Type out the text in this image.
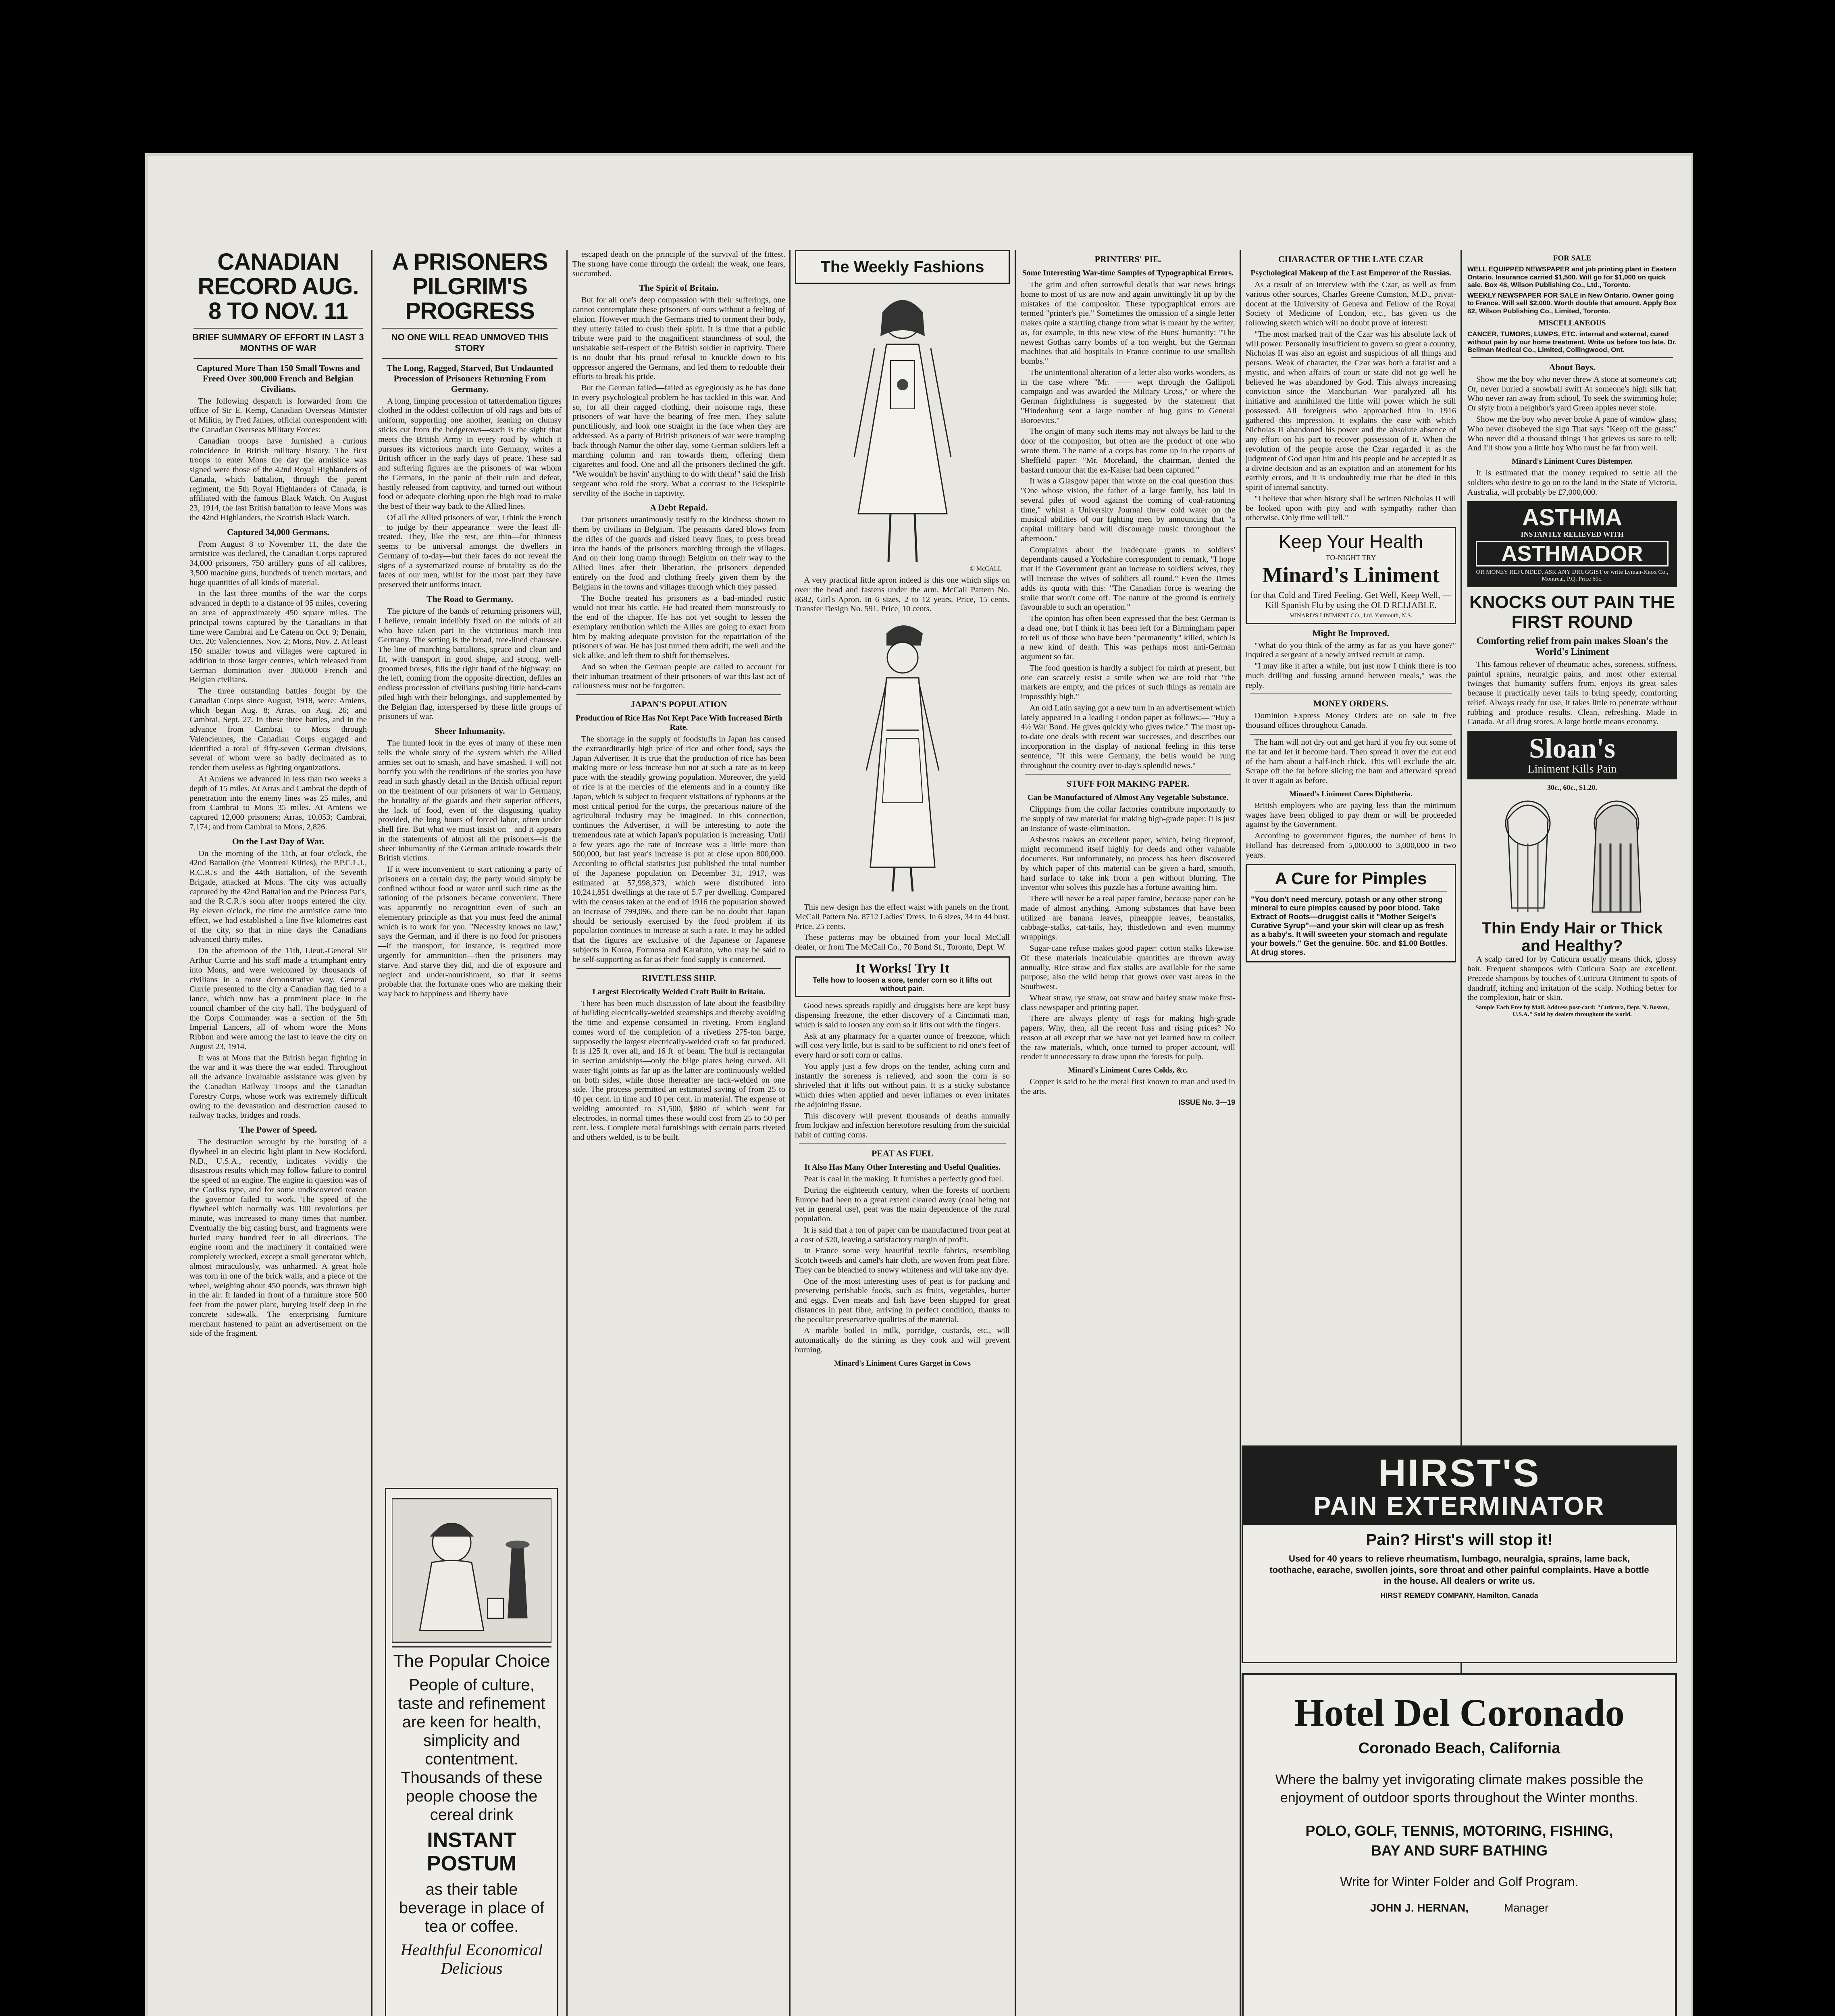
CANADIAN RECORD AUG. 8 TO NOV. 11
BRIEF SUMMARY OF EFFORT IN LAST 3 MONTHS OF WAR
Captured More Than 150 Small Towns and Freed Over 300,000 French and Belgian Civilians.

The following despatch is forwarded from the office of Sir E. Kemp, Canadian Overseas Minister of Militia, by Fred James, official correspondent with the Canadian Overseas Military Forces:

Canadian troops have furnished a curious coincidence in British military history. The first troops to enter Mons the day the armistice was signed were those of the 42nd Royal Highlanders of Canada, which battalion, through the parent regiment, the 5th Royal Highlanders of Canada, is affiliated with the famous Black Watch. On August 23, 1914, the last British battalion to leave Mons was the 42nd Highlanders, the Scottish Black Watch.

Captured 34,000 Germans.

From August 8 to November 11, the date the armistice was declared, the Canadian Corps captured 34,000 prisoners, 750 artillery guns of all calibres, 3,500 machine guns, hundreds of trench mortars, and huge quantities of all kinds of material.

In the last three months of the war the corps advanced in depth to a distance of 95 miles, covering an area of approximately 450 square miles. The principal towns captured by the Canadians in that time were Cambrai and Le Cateau on Oct. 9; Denain, Oct. 20; Valenciennes, Nov. 2; Mons, Nov. 2. At least 150 smaller towns and villages were captured in addition to those larger centres, which released from German domination over 300,000 French and Belgian civilians.

The three outstanding battles fought by the Canadian Corps since August, 1918, were: Amiens, which began Aug. 8; Arras, on Aug. 26; and Cambrai, Sept. 27. In these three battles, and in the advance from Cambrai to Mons through Valenciennes, the Canadian Corps engaged and identified a total of fifty-seven German divisions, several of whom were so badly decimated as to render them useless as fighting organizations.

At Amiens we advanced in less than two weeks a depth of 15 miles. At Arras and Cambrai the depth of penetration into the enemy lines was 25 miles, and from Cambrai to Mons 35 miles. At Amiens we captured 12,000 prisoners; Arras, 10,053; Cambrai, 7,174; and from Cambrai to Mons, 2,826.

On the Last Day of War.

On the morning of the 11th, at four o'clock, the 42nd Battalion (the Montreal Kilties), the P.P.C.L.I., R.C.R.'s and the 44th Battalion, of the Seventh Brigade, attacked at Mons. The city was actually captured by the 42nd Battalion and the Princess Pat's, and the R.C.R.'s soon after troops entered the city. By eleven o'clock, the time the armistice came into effect, we had established a line five kilometres east of the city, so that in nine days the Canadians advanced thirty miles.

On the afternoon of the 11th, Lieut.-General Sir Arthur Currie and his staff made a triumphant entry into Mons, and were welcomed by thousands of civilians in a most demonstrative way. General Currie presented to the city a Canadian flag tied to a lance, which now has a prominent place in the council chamber of the city hall. The bodyguard of the Corps Commander was a section of the 5th Imperial Lancers, all of whom wore the Mons Ribbon and were among the last to leave the city on August 23, 1914.

It was at Mons that the British began fighting in the war and it was there the war ended. Throughout all the advance invaluable assistance was given by the Canadian Railway Troops and the Canadian Forestry Corps, whose work was extremely difficult owing to the devastation and destruction caused to railway tracks, bridges and roads.

The Power of Speed.

The destruction wrought by the bursting of a flywheel in an electric light plant in New Rockford, N.D., U.S.A., recently, indicates vividly the disastrous results which may follow failure to control the speed of an engine. The engine in question was of the Corliss type, and for some undiscovered reason the governor failed to work. The speed of the flywheel which normally was 100 revolutions per minute, was increased to many times that number. Eventually the big casting burst, and fragments were hurled many hundred feet in all directions. The engine room and the machinery it contained were completely wrecked, except a small generator which, almost miraculously, was unharmed. A great hole was torn in one of the brick walls, and a piece of the wheel, weighing about 450 pounds, was thrown high in the air. It landed in front of a furniture store 500 feet from the power plant, burying itself deep in the concrete sidewalk. The enterprising furniture merchant hastened to paint an advertisement on the side of the fragment.

A PRISONERS PILGRIM'S PROGRESS
NO ONE WILL READ UNMOVED THIS STORY
The Long, Ragged, Starved, But Undaunted Procession of Prisoners Returning From Germany.

A long, limping procession of tatterdemalion figures clothed in the oddest collection of old rags and bits of uniform, supporting one another, leaning on clumsy sticks cut from the hedgerows—such is the sight that meets the British Army in every road by which it pursues its victorious march into Germany, writes a British officer in the early days of peace. These sad and suffering figures are the prisoners of war whom the Germans, in the panic of their ruin and defeat, hastily released from captivity, and turned out without food or adequate clothing upon the high road to make the best of their way back to the Allied lines.

Of all the Allied prisoners of war, I think the French—to judge by their appearance—were the least ill-treated. They, like the rest, are thin—for thinness seems to be universal amongst the dwellers in Germany of to-day—but their faces do not reveal the signs of a systematized course of brutality as do the faces of our men, whilst for the most part they have preserved their uniforms intact.

The Road to Germany.

The picture of the bands of returning prisoners will, I believe, remain indelibly fixed on the minds of all who have taken part in the victorious march into Germany. The setting is the broad, tree-lined chaussee. The line of marching battalions, spruce and clean and fit, with transport in good shape, and strong, well-groomed horses, fills the right hand of the highway; on the left, coming from the opposite direction, defiles an endless procession of civilians pushing little hand-carts piled high with their belongings, and supplemented by the Belgian flag, interspersed by these little groups of prisoners of war.

Sheer Inhumanity.

The hunted look in the eyes of many of these men tells the whole story of the system which the Allied armies set out to smash, and have smashed. I will not horrify you with the renditions of the stories you have read in such ghastly detail in the British official report on the treatment of our prisoners of war in Germany, the brutality of the guards and their superior officers, the lack of food, even of the disgusting quality provided, the long hours of forced labor, often under shell fire. But what we must insist on—and it appears in the statements of almost all the prisoners—is the sheer inhumanity of the German attitude towards their British victims.

If it were inconvenient to start rationing a party of prisoners on a certain day, the party would simply be confined without food or water until such time as the rationing of the prisoners became convenient. There was apparently no recognition even of such an elementary principle as that you must feed the animal which is to work for you. "Necessity knows no law," says the German, and if there is no food for prisoners—if the transport, for instance, is required more urgently for ammunition—then the prisoners may starve. And starve they did, and die of exposure and neglect and under-nourishment, so that it seems probable that the fortunate ones who are making their way back to happiness and liberty have

The Popular Choice
People of culture, taste and refinement are keen for health, simplicity and contentment. Thousands of these people choose the cereal drink
INSTANT POSTUM
as their table beverage in place of tea or coffee.
Healthful Economical Delicious

escaped death on the principle of the survival of the fittest. The strong have come through the ordeal; the weak, one fears, succumbed.

The Spirit of Britain.

But for all one's deep compassion with their sufferings, one cannot contemplate these prisoners of ours without a feeling of elation. However much the Germans tried to torment their body, they utterly failed to crush their spirit. It is time that a public tribute were paid to the magnificent staunchness of soul, the unshakable self-respect of the British soldier in captivity. There is no doubt that his proud refusal to knuckle down to his oppressor angered the Germans, and led them to redouble their efforts to break his pride.

But the German failed—failed as egregiously as he has done in every psychological problem he has tackled in this war. And so, for all their ragged clothing, their noisome rags, these prisoners of war have the bearing of free men. They salute punctiliously, and look one straight in the face when they are addressed. As a party of British prisoners of war were tramping back through Namur the other day, some German soldiers left a marching column and ran towards them, offering them cigarettes and food. One and all the prisoners declined the gift. "We wouldn't be havin' anything to do with them!" said the Irish sergeant who told the story. What a contrast to the lickspittle servility of the Boche in captivity.

A Debt Repaid.

Our prisoners unanimously testify to the kindness shown to them by civilians in Belgium. The peasants dared blows from the rifles of the guards and risked heavy fines, to press bread into the hands of the prisoners marching through the villages. And on their long tramp through Belgium on their way to the Allied lines after their liberation, the prisoners depended entirely on the food and clothing freely given them by the Belgians in the towns and villages through which they passed.

The Boche treated his prisoners as a bad-minded rustic would not treat his cattle. He had treated them monstrously to the end of the chapter. He has not yet sought to lessen the exemplary retribution which the Allies are going to exact from him by making adequate provision for the repatriation of the prisoners of war. He has just turned them adrift, the well and the sick alike, and left them to shift for themselves.

And so when the German people are called to account for their inhuman treatment of their prisoners of war this last act of callousness must not be forgotten.

JAPAN'S POPULATION
Production of Rice Has Not Kept Pace With Increased Birth Rate.

The shortage in the supply of foodstuffs in Japan has caused the extraordinarily high price of rice and other food, says the Japan Advertiser. It is true that the production of rice has been making more or less increase but not at such a rate as to keep pace with the steadily growing population. Moreover, the yield of rice is at the mercies of the elements and in a country like Japan, which is subject to frequent visitations of typhoons at the most critical period for the corps, the precarious nature of the agricultural industry may be imagined. In this connection, continues the Advertiser, it will be interesting to note the tremendous rate at which Japan's population is increasing. Until a few years ago the rate of increase was a little more than 500,000, but last year's increase is put at close upon 800,000. According to official statistics just published the total number of the Japanese population on December 31, 1917, was estimated at 57,998,373, which were distributed into 10,241,851 dwellings at the rate of 5.7 per dwelling. Compared with the census taken at the end of 1916 the population showed an increase of 799,096, and there can be no doubt that Japan should be seriously exercised by the food problem if its population continues to increase at such a rate. It may be added that the figures are exclusive of the Japanese or Japanese subjects in Korea, Formosa and Karafuto, who may be said to be self-supporting as far as their food supply is concerned.

RIVETLESS SHIP.
Largest Electrically Welded Craft Built in Britain.

There has been much discussion of late about the feasibility of building electrically-welded steamships and thereby avoiding the time and expense consumed in riveting. From England comes word of the completion of a rivetless 275-ton barge, supposedly the largest electrically-welded craft so far produced. It is 125 ft. over all, and 16 ft. of beam. The hull is rectangular in section amidships—only the bilge plates being curved. All water-tight joints as far up as the latter are continuously welded on both sides, while those thereafter are tack-welded on one side. The process permitted an estimated saving of from 25 to 40 per cent. in time and 10 per cent. in material. The expense of welding amounted to $1,500, $880 of which went for electrodes, in normal times these would cost from 25 to 50 per cent. less. Complete metal furnishings with certain parts riveted and others welded, is to be built.

The Weekly Fashions
© McCALL

A very practical little apron indeed is this one which slips on over the head and fastens under the arm. McCall Pattern No. 8682, Girl's Apron. In 6 sizes, 2 to 12 years. Price, 15 cents. Transfer Design No. 591. Price, 10 cents.

This new design has the effect waist with panels on the front. McCall Pattern No. 8712 Ladies' Dress. In 6 sizes, 34 to 44 bust. Price, 25 cents.

These patterns may be obtained from your local McCall dealer, or from The McCall Co., 70 Bond St., Toronto, Dept. W.

It Works! Try It
Tells how to loosen a sore, tender corn so it lifts out without pain.

Good news spreads rapidly and druggists here are kept busy dispensing freezone, the ether discovery of a Cincinnati man, which is said to loosen any corn so it lifts out with the fingers.

Ask at any pharmacy for a quarter ounce of freezone, which will cost very little, but is said to be sufficient to rid one's feet of every hard or soft corn or callus.

You apply just a few drops on the tender, aching corn and instantly the soreness is relieved, and soon the corn is so shriveled that it lifts out without pain. It is a sticky substance which dries when applied and never inflames or even irritates the adjoining tissue.

This discovery will prevent thousands of deaths annually from lockjaw and infection heretofore resulting from the suicidal habit of cutting corns.

PEAT AS FUEL
It Also Has Many Other Interesting and Useful Qualities.

Peat is coal in the making. It furnishes a perfectly good fuel.

During the eighteenth century, when the forests of northern Europe had been to a great extent cleared away (coal being not yet in general use), peat was the main dependence of the rural population.

It is said that a ton of paper can be manufactured from peat at a cost of $20, leaving a satisfactory margin of profit.

In France some very beautiful textile fabrics, resembling Scotch tweeds and camel's hair cloth, are woven from peat fibre. They can be bleached to snowy whiteness and will take any dye.

One of the most interesting uses of peat is for packing and preserving perishable foods, such as fruits, vegetables, butter and eggs. Even meats and fish have been shipped for great distances in peat fibre, arriving in perfect condition, thanks to the peculiar preservative qualities of the material.

A marble boiled in milk, porridge, custards, etc., will automatically do the stirring as they cook and will prevent burning.

Minard's Liniment Cures Garget in Cows
PRINTERS' PIE.
Some Interesting War-time Samples of Typographical Errors.

The grim and often sorrowful details that war news brings home to most of us are now and again unwittingly lit up by the mistakes of the compositor. These typographical errors are termed "printer's pie." Sometimes the omission of a single letter makes quite a startling change from what is meant by the writer; as, for example, in this new view of the Huns' humanity: "The newest Gothas carry bombs of a ton weight, but the German machines that aid hospitals in France continue to use smallish bombs."

The unintentional alteration of a letter also works wonders, as in the case where "Mr. —— wept through the Gallipoli campaign and was awarded the Military Cross," or where the German frightfulness is suggested by the statement that "Hindenburg sent a large number of bug guns to General Boroevics."

The origin of many such items may not always be laid to the door of the compositor, but often are the product of one who wrote them. The name of a corps has come up in the reports of Sheffield paper: "Mr. Moreland, the chairman, denied the bastard rumour that the ex-Kaiser had been captured."

It was a Glasgow paper that wrote on the coal question thus: "One whose vision, the father of a large family, has laid in several piles of wood against the coming of coal-rationing time," whilst a University Journal threw cold water on the musical abilities of our fighting men by announcing that "a capital military band will discourage music throughout the afternoon."

Complaints about the inadequate grants to soldiers' dependants caused a Yorkshire correspondent to remark, "I hope that if the Government grant an increase to soldiers' wives, they will increase the wives of soldiers all round." Even the Times adds its quota with this: "The Canadian force is wearing the smile that won't come off. The nature of the ground is entirely favourable to such an operation."

The opinion has often been expressed that the best German is a dead one, but I think it has been left for a Birmingham paper to tell us of those who have been "permanently" killed, which is a new kind of death. This was perhaps most anti-German argument so far.

The food question is hardly a subject for mirth at present, but one can scarcely resist a smile when we are told that "the markets are empty, and the prices of such things as remain are impossibly high."

An old Latin saying got a new turn in an advertisement which lately appeared in a leading London paper as follows:— "Buy a 4½ War Bond. He gives quickly who gives twice." The most up-to-date one deals with recent war successes, and describes our incorporation in the display of national feeling in this terse sentence, "If this were Germany, the bells would be rung throughout the country over to-day's splendid news."

STUFF FOR MAKING PAPER.
Can be Manufactured of Almost Any Vegetable Substance.

Clippings from the collar factories contribute importantly to the supply of raw material for making high-grade paper. It is just an instance of waste-elimination.

Asbestos makes an excellent paper, which, being fireproof, might recommend itself highly for deeds and other valuable documents. But unfortunately, no process has been discovered by which paper of this material can be given a hard, smooth, hard surface to take ink from a pen without blurring. The inventor who solves this puzzle has a fortune awaiting him.

There will never be a real paper famine, because paper can be made of almost anything. Among substances that have been utilized are banana leaves, pineapple leaves, beanstalks, cabbage-stalks, cat-tails, hay, thistledown and even mummy wrappings.

Sugar-cane refuse makes good paper: cotton stalks likewise. Of these materials incalculable quantities are thrown away annually. Rice straw and flax stalks are available for the same purpose; also the wild hemp that grows over vast areas in the Southwest.

Wheat straw, rye straw, oat straw and barley straw make first-class newspaper and printing paper.

There are always plenty of rags for making high-grade papers. Why, then, all the recent fuss and rising prices? No reason at all except that we have not yet learned how to collect the raw materials, which, once turned to proper account, will render it unnecessary to draw upon the forests for pulp.

Minard's Liniment Cures Colds, &c.

Copper is said to be the metal first known to man and used in the arts.

ISSUE No. 3—19
CHARACTER OF THE LATE CZAR
Psychological Makeup of the Last Emperor of the Russias.

As a result of an interview with the Czar, as well as from various other sources, Charles Greene Cumston, M.D., privat-docent at the University of Geneva and Fellow of the Royal Society of Medicine of London, etc., has given us the following sketch which will no doubt prove of interest:

"The most marked trait of the Czar was his absolute lack of will power. Personally insufficient to govern so great a country, Nicholas II was also an egoist and suspicious of all things and persons. Weak of character, the Czar was both a fatalist and a mystic, and when affairs of court or state did not go well he believed he was abandoned by God. This always increasing conviction since the Manchurian War paralyzed all his initiative and annihilated the little will power which he still possessed. All foreigners who approached him in 1916 gathered this impression. It explains the ease with which Nicholas II abandoned his power and the absolute absence of any effort on his part to recover possession of it. When the revolution of the people arose the Czar regarded it as the judgment of God upon him and his people and he accepted it as a divine decision and as an expiation and an atonement for his earthly errors, and it is undoubtedly true that he died in this spirit of internal sanctity.

"I believe that when history shall be written Nicholas II will be looked upon with pity and with sympathy rather than otherwise. Only time will tell."

Keep Your Health
TO-NIGHT TRY
Minard's Liniment
for that Cold and Tired Feeling. Get Well, Keep Well, —Kill Spanish Flu by using the OLD RELIABLE.
MINARD'S LINIMENT CO., Ltd. Yarmouth, N.S.
Might Be Improved.

"What do you think of the army as far as you have gone?" inquired a sergeant of a newly arrived recruit at camp.

"I may like it after a while, but just now I think there is too much drilling and fussing around between meals," was the reply.

MONEY ORDERS.

Dominion Express Money Orders are on sale in five thousand offices throughout Canada.

The ham will not dry out and get hard if you fry out some of the fat and let it become hard. Then spread it over the cut end of the ham about a half-inch thick. This will exclude the air. Scrape off the fat before slicing the ham and afterward spread it over it again as before.

Minard's Liniment Cures Diphtheria.

British employers who are paying less than the minimum wages have been obliged to pay them or will be proceeded against by the Government.

According to government figures, the number of hens in Holland has decreased from 5,000,000 to 3,000,000 in two years.

A Cure for Pimples
"You don't need mercury, potash or any other strong mineral to cure pimples caused by poor blood. Take Extract of Roots—druggist calls it "Mother Seigel's Curative Syrup"—and your skin will clear up as fresh as a baby's. It will sweeten your stomach and regulate your bowels." Get the genuine. 50c. and $1.00 Bottles. At drug stores.
FOR SALE
WELL EQUIPPED NEWSPAPER and job printing plant in Eastern Ontario. Insurance carried $1,500. Will go for $1,000 on quick sale. Box 48, Wilson Publishing Co., Ltd., Toronto.
WEEKLY NEWSPAPER FOR SALE in New Ontario. Owner going to France. Will sell $2,000. Worth double that amount. Apply Box 82, Wilson Publishing Co., Limited, Toronto.
MISCELLANEOUS
CANCER, TUMORS, LUMPS, ETC. internal and external, cured without pain by our home treatment. Write us before too late. Dr. Bellman Medical Co., Limited, Collingwood, Ont.
About Boys.

Show me the boy who never threw A stone at someone's cat; Or, never hurled a snowball swift At someone's high silk hat; Who never ran away from school, To seek the swimming hole; Or slyly from a neighbor's yard Green apples never stole.

Show me the boy who never broke A pane of window glass; Who never disobeyed the sign That says "Keep off the grass;" Who never did a thousand things That grieves us sore to tell; And I'll show you a little boy Who must be far from well.

Minard's Liniment Cures Distemper.

It is estimated that the money required to settle all the soldiers who desire to go on to the land in the State of Victoria, Australia, will probably be £7,000,000.

ASTHMA
INSTANTLY RELIEVED WITH
ASTHMADOR
OR MONEY REFUNDED. ASK ANY DRUGGIST or write Lyman-Knox Co., Montreal, P.Q. Price 60c.
KNOCKS OUT PAIN THE FIRST ROUND
Comforting relief from pain makes Sloan's the World's Liniment

This famous reliever of rheumatic aches, soreness, stiffness, painful sprains, neuralgic pains, and most other external twinges that humanity suffers from, enjoys its great sales because it practically never fails to bring speedy, comforting relief. Always ready for use, it takes little to penetrate without rubbing and produce results. Clean, refreshing. Made in Canada. At all drug stores. A large bottle means economy.

Sloan's
Liniment Kills Pain
30c., 60c., $1.20.
Thin Endy Hair or Thick and Healthy?

A scalp cared for by Cuticura usually means thick, glossy hair. Frequent shampoos with Cuticura Soap are excellent. Precede shampoos by touches of Cuticura Ointment to spots of dandruff, itching and irritation of the scalp. Nothing better for the complexion, hair or skin.

Sample Each Free by Mail. Address post-card: "Cuticura, Dept. N. Boston, U.S.A." Sold by dealers throughout the world.
HIRST'S
PAIN EXTERMINATOR
Pain? Hirst's will stop it!
Used for 40 years to relieve rheumatism, lumbago, neuralgia, sprains, lame back, toothache, earache, swollen joints, sore throat and other painful complaints. Have a bottle in the house. All dealers or write us.
HIRST REMEDY COMPANY, Hamilton, Canada
Hotel Del Coronado
Coronado Beach, California
Where the balmy yet invigorating climate makes possible the enjoyment of outdoor sports throughout the Winter months.
POLO, GOLF, TENNIS, MOTORING, FISHING, BAY AND SURF BATHING
Write for Winter Folder and Golf Program.
JOHN J. HERNAN,	Manager
